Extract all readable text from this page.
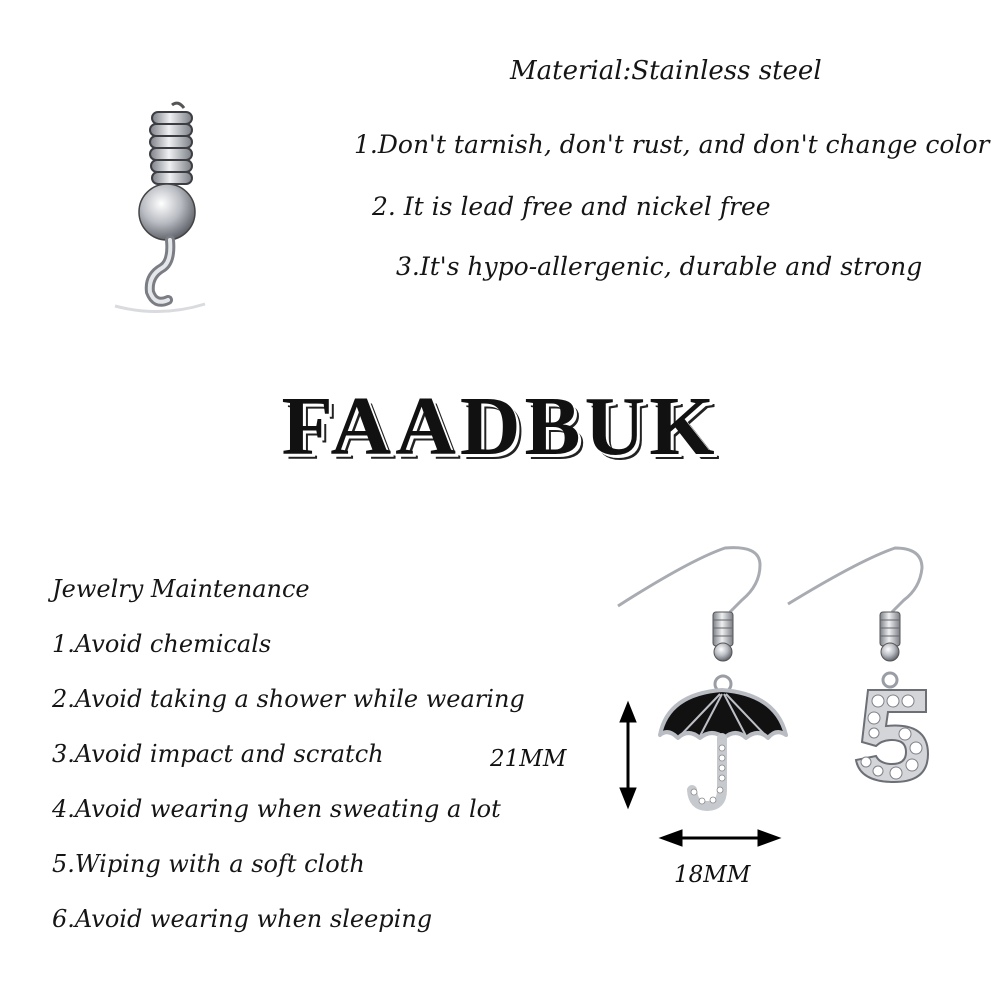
Material:Stainless steel
1.Don't tarnish, don't rust, and don't change color
2. It is lead free and nickel free
3.It's hypo-allergenic, durable and strong
FAADBUK
Jewelry Maintenance
1.Avoid chemicals
2.Avoid taking a shower while wearing
3.Avoid impact and scratch
4.Avoid wearing when sweating a lot
5.Wiping with a soft cloth
6.Avoid wearing when sleeping
21MM
18MM
